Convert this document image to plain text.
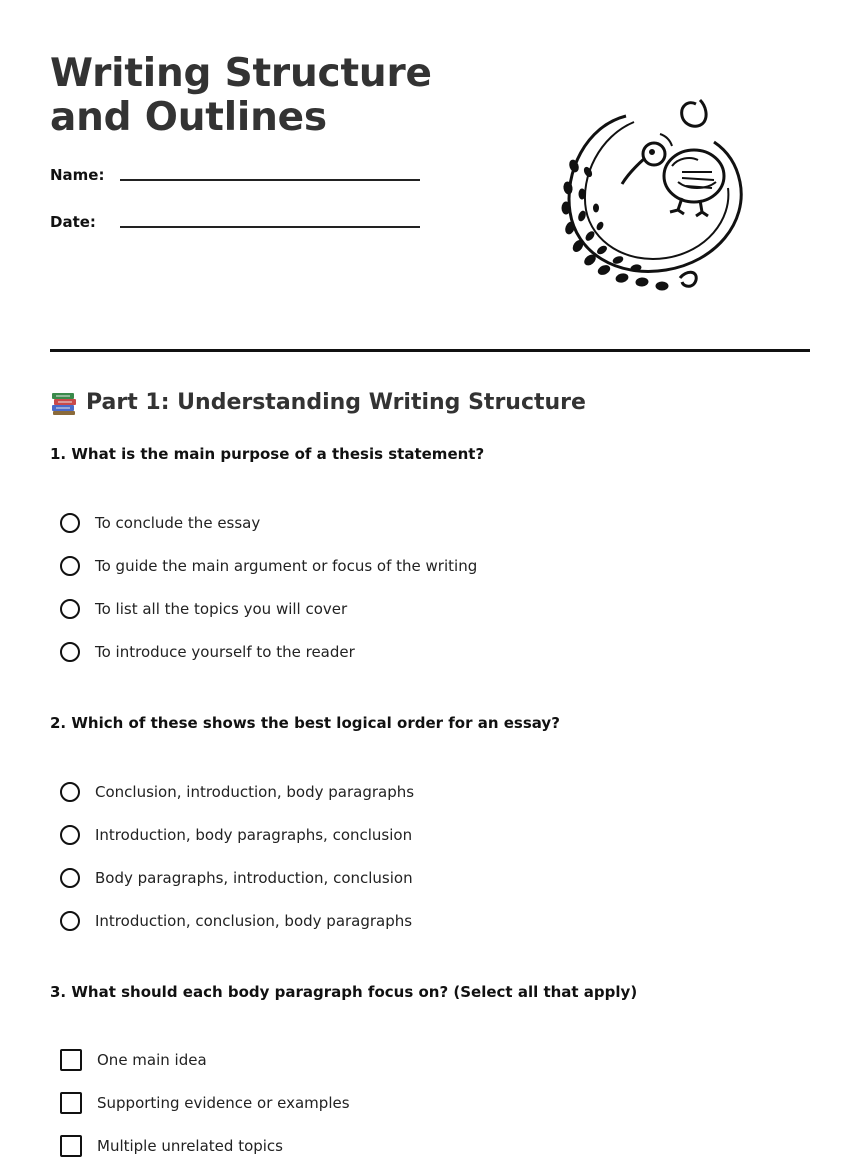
Writing Structure and Outlines
Name:
Date:
Part 1: Understanding Writing Structure
1. What is the main purpose of a thesis statement?
To conclude the essay
To guide the main argument or focus of the writing
To list all the topics you will cover
To introduce yourself to the reader
2. Which of these shows the best logical order for an essay?
Conclusion, introduction, body paragraphs
Introduction, body paragraphs, conclusion
Body paragraphs, introduction, conclusion
Introduction, conclusion, body paragraphs
3. What should each body paragraph focus on? (Select all that apply)
One main idea
Supporting evidence or examples
Multiple unrelated topics
